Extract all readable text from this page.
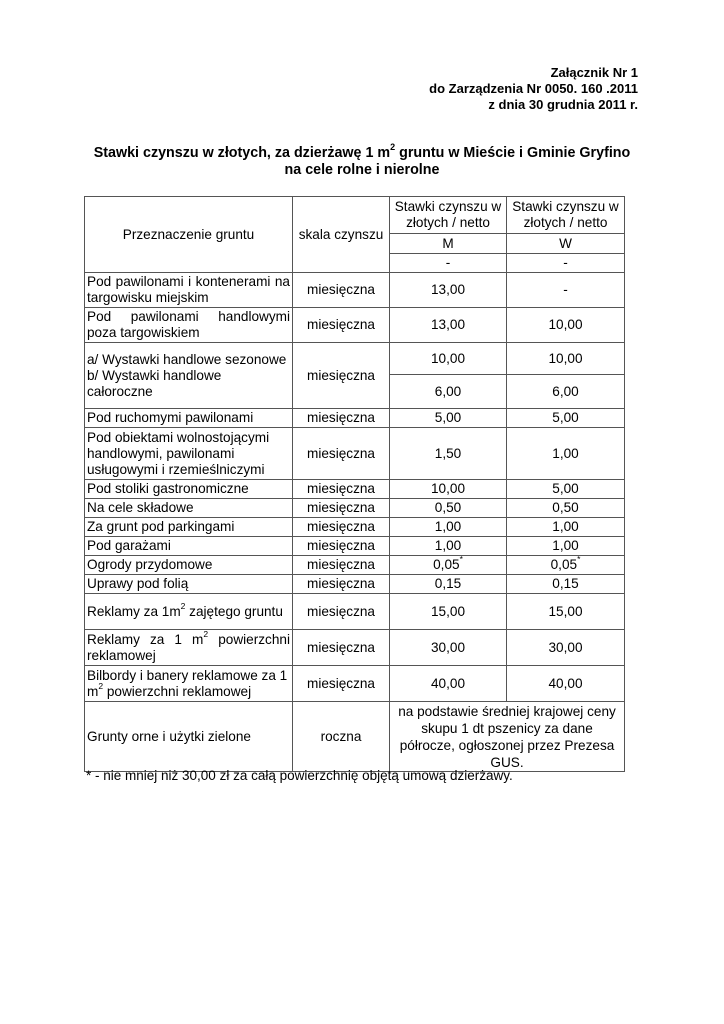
Załącznik Nr 1
do Zarządzenia Nr 0050. 160 .2011
z dnia 30 grudnia 2011 r.
Stawki czynszu w złotych, za dzierżawę 1 $m^2$ gruntu w Mieście i Gminie Gryfino
na cele rolne i nierolne
Przeznaczenie gruntu	skala czynszu	Stawki czynszu w złotych / netto	Stawki czynszu w złotych / netto
		M	W
		-	-
Pod pawilonami i kontenerami na targowisku miejskim	miesięczna	13,00	-
Pod pawilonami handlowymi poza targowiskiem	miesięczna	13,00	10,00

a/ Wystawki handlowe sezonowe
b/ Wystawki handlowe całoroczne	miesięczna	10,00	10,00
		6,00	6,00
Pod ruchomymi pawilonami	miesięczna	5,00	5,00
Pod obiektami wolnostojącymi handlowymi, pawilonami usługowymi i rzemieślniczymi	miesięczna	1,50	1,00
Pod stoliki gastronomiczne	miesięczna	10,00	5,00
Na cele składowe	miesięczna	0,50	0,50
Za grunt pod parkingami	miesięczna	1,00	1,00
Pod garażami	miesięczna	1,00	1,00
Ogrody przydomowe	miesięczna	0,05*	0,05*
Uprawy pod folią	miesięczna	0,15	0,15
Reklamy za $1m^2$ zajętego gruntu	miesięczna	15,00	15,00
Reklamy za 1 $m^2$ powierzchni reklamowej	miesięczna	30,00	30,00
Bilbordy i banery reklamowe za 1 $m^2$ powierzchni reklamowej	miesięczna	40,00	40,00
Grunty orne i użytki zielone	roczna	na podstawie średniej krajowej ceny skupu 1 dt pszenicy za dane półrocze, ogłoszonej przez Prezesa GUS.	
* - nie mniej niż 30,00 zł za całą powierzchnię objętą umową dzierżawy.
